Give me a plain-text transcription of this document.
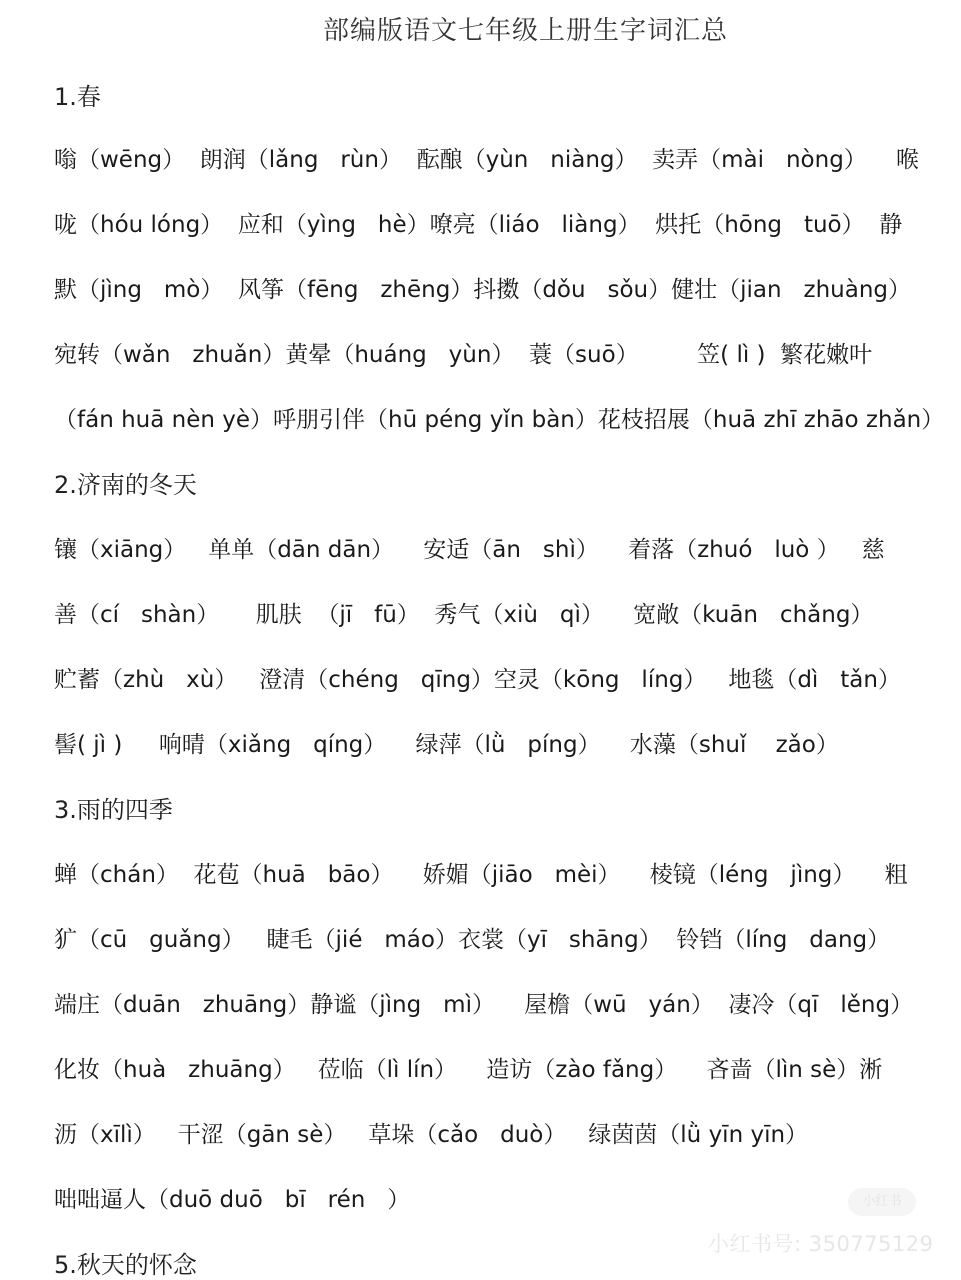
部编版语文七年级上册生字词汇总
1.春
嗡（wēng）  朗润（lǎng   rùn）  酝酿（yùn   niàng）  卖弄（mài   nòng）    喉
咙（hóu lóng）  应和（yìng   hè）嘹亮（liáo   liàng）  烘托（hōng   tuō）  静
默（jìng   mò）  风筝（fēng   zhēng）抖擞（dǒu   sǒu）健壮（jian   zhuàng）
宛转（wǎn   zhuǎn）黄晕（huáng   yùn）  蓑（suō）        笠( lì )  繁花嫩叶
（fán huā nèn yè）呼朋引伴（hū péng yǐn bàn）花枝招展（huā zhī zhāo zhǎn）
2.济南的冬天
镶（xiāng）   单单（dān dān）    安适（ān   shì）    着落（zhuó   luò ）   慈
善（cí   shàn）     肌肤  （jī   fū）  秀气（xiù   qì）    宽敞（kuān   chǎng）
贮蓄（zhù   xù）   澄清（chéng   qīng）空灵（kōng   líng）   地毯（dì   tǎn）
髻( jì )     响晴（xiǎng   qíng）    绿萍（lǜ   píng）    水藻（shuǐ    zǎo）
3.雨的四季
蝉（chán）  花苞（huā   bāo）    娇媚（jiāo   mèi）    棱镜（léng   jìng）    粗
犷（cū   guǎng）   睫毛（jié   máo）衣裳（yī   shāng）  铃铛（líng   dang）
端庄（duān   zhuāng）静谧（jìng   mì）    屋檐（wū   yán）  凄冷（qī   lěng）
化妆（huà   zhuāng）   莅临（lì lín）    造访（zào fǎng）    吝啬（lìn sè）淅
沥（xīlì）   干涩（gān sè）   草垛（cǎo   duò）   绿茵茵（lǜ yīn yīn）
咄咄逼人（duō duō   bī   rén   ）
5.秋天的怀念
小红书
小红书号: 350775129
